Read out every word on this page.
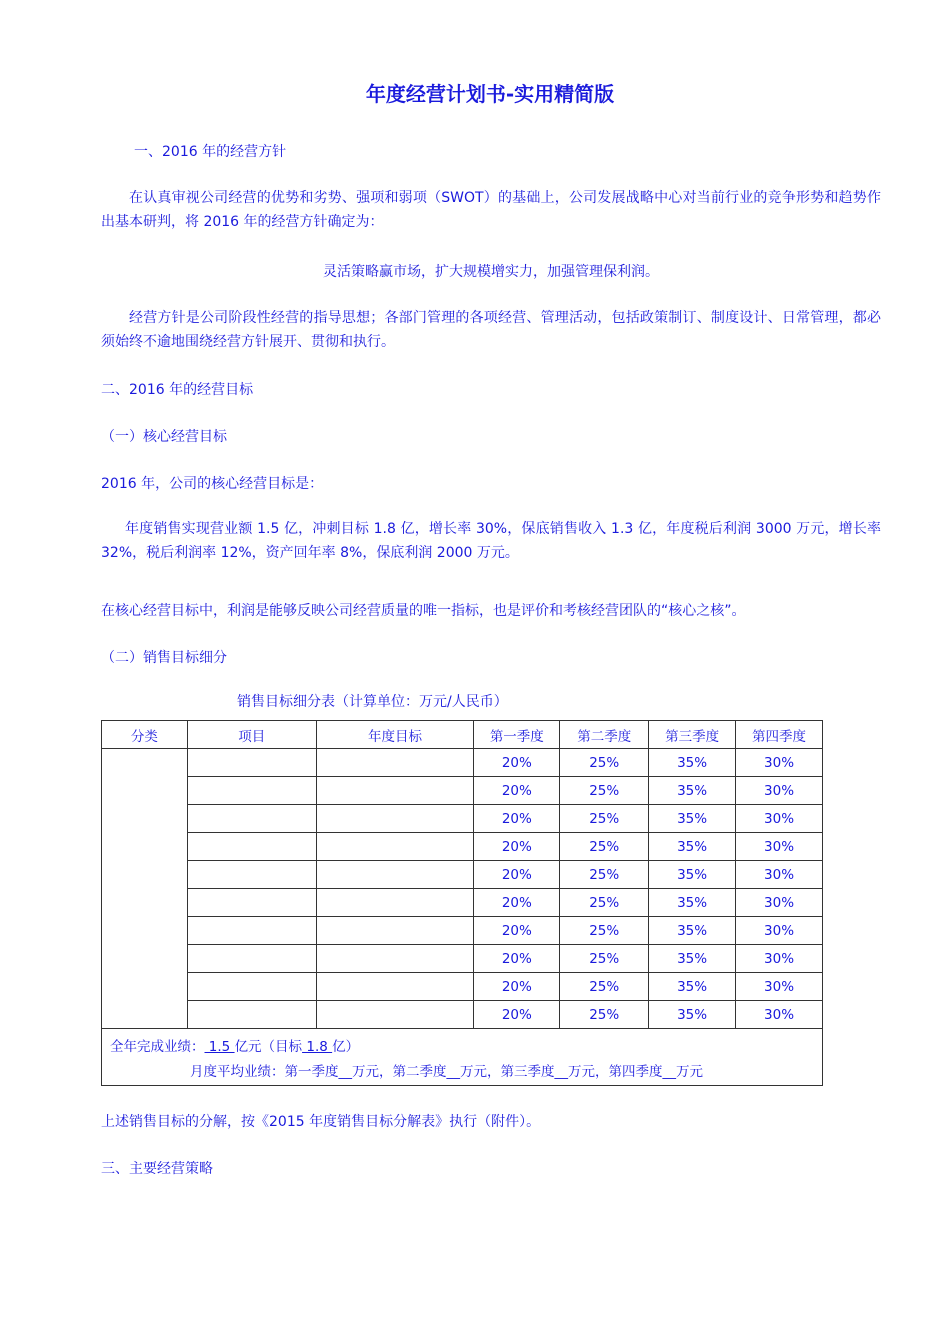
年度经营计划书-实用精简版
一、2016 年的经营方针
在认真审视公司经营的优势和劣势、强项和弱项（SWOT）的基础上，公司发展战略中心对当前行业的竞争形势和趋势作出基本研判，将 2016 年的经营方针确定为：
灵活策略赢市场，扩大规模增实力，加强管理保利润。
经营方针是公司阶段性经营的指导思想；各部门管理的各项经营、管理活动，包括政策制订、制度设计、日常管理，都必须始终不逾地围绕经营方针展开、贯彻和执行。
二、2016 年的经营目标
（一）核心经营目标
2016 年，公司的核心经营目标是：
年度销售实现营业额 1.5 亿，冲刺目标 1.8 亿，增长率 30%，保底销售收入 1.3 亿，年度税后利润 3000 万元，增长率 32%，税后利润率 12%，资产回年率 8%，保底利润 2000 万元。
在核心经营目标中，利润是能够反映公司经营质量的唯一指标，也是评价和考核经营团队的“核心之核”。
（二）销售目标细分
销售目标细分表（计算单位：万元/人民币）
分类	项目	年度目标	第一季度	第二季度	第三季度	第四季度
			20%	25%	35%	30%
			20%	25%	35%	30%
			20%	25%	35%	30%
			20%	25%	35%	30%
			20%	25%	35%	30%
			20%	25%	35%	30%
			20%	25%	35%	30%
			20%	25%	35%	30%
			20%	25%	35%	30%
			20%	25%	35%	30%

全年完成业绩： 1.5 亿元（目标 1.8 亿）
月度平均业绩：第一季度__万元，第二季度__万元，第三季度__万元，第四季度__万元						
上述销售目标的分解，按《2015 年度销售目标分解表》执行（附件）。
三、主要经营策略
